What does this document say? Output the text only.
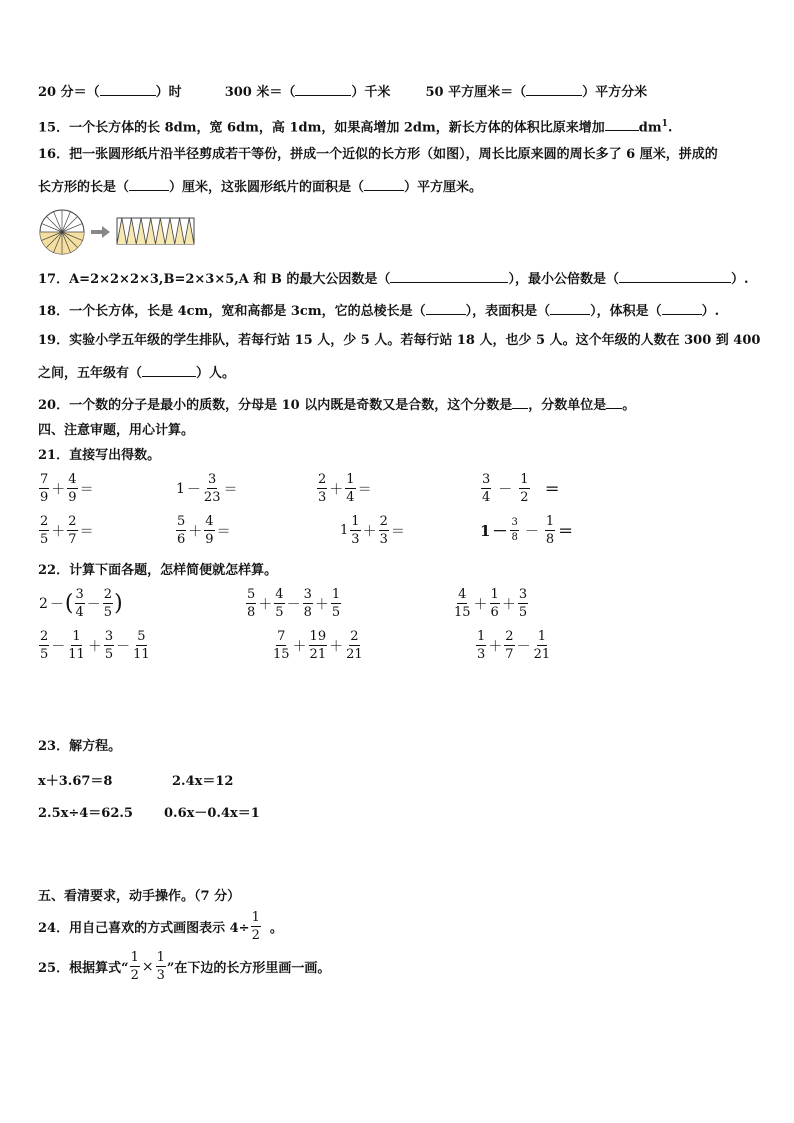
20 分＝（	）时	300 米＝（	）千米	50 平方厘米＝（	）平方分米
15．一个长方体的长 8dm，宽 6dm，高 1dm，如果高增加 2dm，新长方体的体积比原来增加	$dm^1$.
16．把一张圆形纸片沿半径剪成若干等份，拼成一个近似的长方形（如图），周长比原来圆的周长多了 6 厘米，拼成的
长方形的长是（	）厘米，这张圆形纸片的面积是（	）平方厘米。
17．A=2×2×2×3,B=2×3×5,A 和 B 的最大公因数是（	），最小公倍数是（	）.
18．一个长方体，长是 4cm，宽和高都是 3cm，它的总棱长是（	），表面积是（	），体积是（	）.
19．实验小学五年级的学生排队，若每行站 15 人，少 5 人。若每行站 18 人，也少 5 人。这个年级的人数在 300 到 400
之间，五年级有（	）人。
20．一个数的分子是最小的质数，分母是 10 以内既是奇数又是合数，这个分数是 ，分数单位是 。
四、注意审题，用心计算。
21．直接写出得数。
$\frac{7}{9} + \frac{4}{9}$ ＝	$1 - \frac{3}{23}$ ＝	$\frac{2}{3} + \frac{1}{4}$ ＝	$\frac{3}{4} - \frac{1}{2}$ ＝
$\frac{2}{5} + \frac{2}{7}$ ＝	$\frac{5}{6} + \frac{4}{9}$ ＝	$1 \frac{1}{3} + \frac{2}{3}$ ＝	$1 - \frac{3}{8} - \frac{1}{8}$ ＝
22．计算下面各题，怎样简便就怎样算。
2 － ( $\frac{3}{4} - \frac{2}{5}$ )	$\frac{5}{8} + \frac{4}{5} - \frac{3}{8} + \frac{1}{5}$	$\frac{4}{15} + \frac{1}{6} + \frac{3}{5}$
$\frac{2}{5} - \frac{1}{11} + \frac{3}{5} - \frac{5}{11}$	$\frac{7}{15} + \frac{19}{21} + \frac{2}{21}$	$\frac{1}{3} + \frac{2}{7} - \frac{1}{21}$
23．解方程。
x＋3.67＝8	2.4x＝12
2.5x÷4＝62.5 0.6x－0.4x＝1
五、看清要求，动手操作。（7 分）
24．用自己喜欢的方式画图表示 $4\div \frac{1}{2}$ 。
25．根据算式“ $\frac{1}{2} \times \frac{1}{3}$ ”在下边的长方形里画一画。
